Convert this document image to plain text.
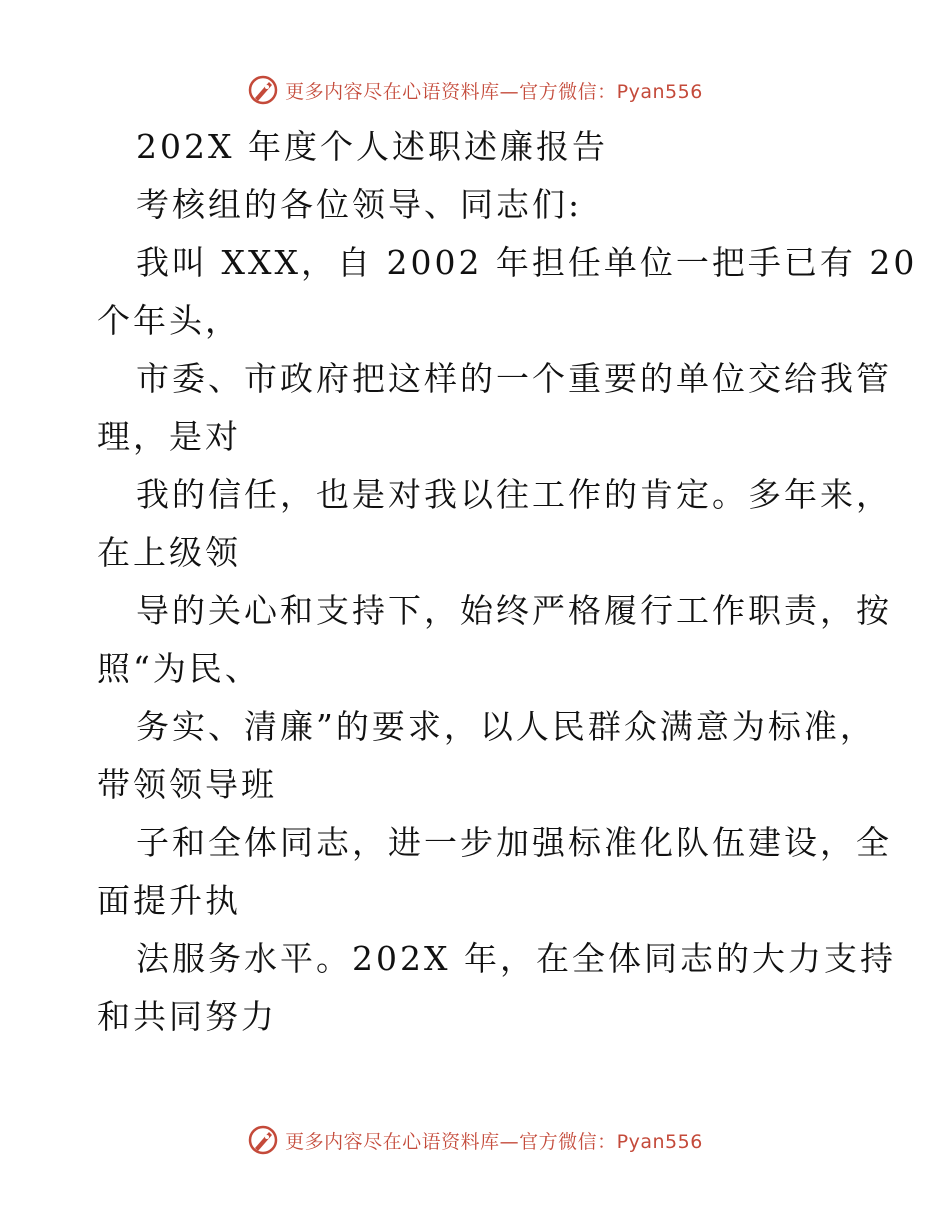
更多内容尽在心语资料库—官方微信：Pyan556
202X 年度个人述职述廉报告
考核组的各位领导、同志们:
我叫 XXX，自 2002 年担任单位一把手已有 20
个年头，
市委、市政府把这样的一个重要的单位交给我管
理，是对
我的信任，也是对我以往工作的肯定。多年来，
在上级领
导的关心和支持下，始终严格履行工作职责，按
照“为民、
务实、清廉”的要求，以人民群众满意为标准，
带领领导班
子和全体同志，进一步加强标准化队伍建设，全
面提升执
法服务水平。202X 年，在全体同志的大力支持
和共同努力
更多内容尽在心语资料库—官方微信：Pyan556
